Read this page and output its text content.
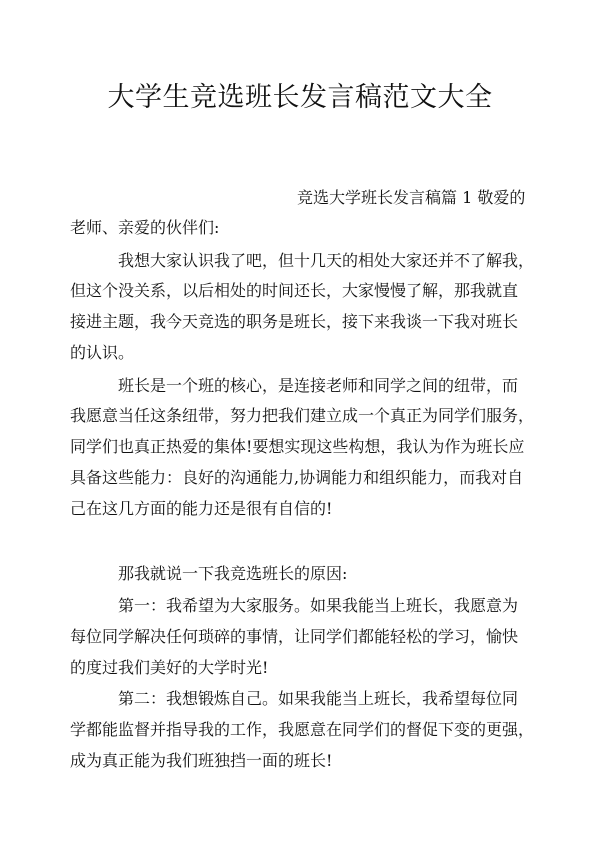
大学生竞选班长发言稿范文大全
竞选大学班长发言稿篇 1 敬爱的
老师、亲爱的伙伴们:
我想大家认识我了吧，但十几天的相处大家还并不了解我，
但这个没关系，以后相处的时间还长，大家慢慢了解，那我就直
接进主题，我今天竞选的职务是班长，接下来我谈一下我对班长
的认识。
班长是一个班的核心，是连接老师和同学之间的纽带，而
我愿意当任这条纽带，努力把我们建立成一个真正为同学们服务，
同学们也真正热爱的集体!要想实现这些构想，我认为作为班长应
具备这些能力：良好的沟通能力,协调能力和组织能力，而我对自
己在这几方面的能力还是很有自信的!
那我就说一下我竞选班长的原因:
第一：我希望为大家服务。如果我能当上班长，我愿意为
每位同学解决任何琐碎的事情，让同学们都能轻松的学习，愉快
的度过我们美好的大学时光!
第二：我想锻炼自己。如果我能当上班长，我希望每位同
学都能监督并指导我的工作，我愿意在同学们的督促下变的更强，
成为真正能为我们班独挡一面的班长!
